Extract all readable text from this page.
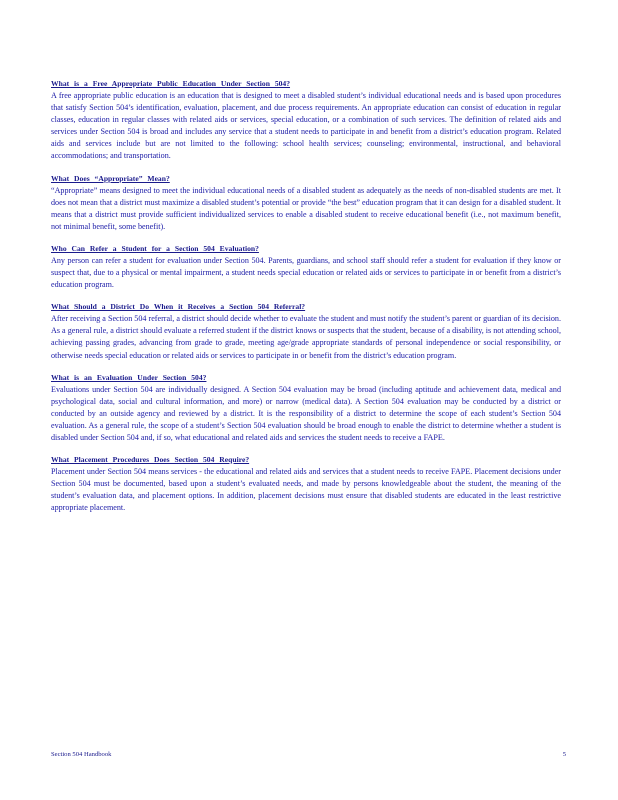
What is a Free Appropriate Public Education Under Section 504?

A free appropriate public education is an education that is designed to meet a disabled student’s individual educational needs and is based upon procedures that satisfy Section 504’s identification, evaluation, placement, and due process requirements. An appropriate education can consist of education in regular classes, education in regular classes with related aids or services, special education, or a combination of such services. The definition of related aids and services under Section 504 is broad and includes any service that a student needs to participate in and benefit from a district’s education program. Related aids and services include but are not limited to the following: school health services; counseling; environmental, instructional, and behavioral accommodations; and transportation.

What Does “Appropriate” Mean?

“Appropriate” means designed to meet the individual educational needs of a disabled student as adequately as the needs of non-disabled students are met. It does not mean that a district must maximize a disabled student’s potential or provide “the best” education program that it can design for a disabled student. It means that a district must provide sufficient individualized services to enable a disabled student to receive educational benefit (i.e., not maximum benefit, not minimal benefit, some benefit).

Who Can Refer a Student for a Section 504 Evaluation?

Any person can refer a student for evaluation under Section 504. Parents, guardians, and school staff should refer a student for evaluation if they know or suspect that, due to a physical or mental impairment, a student needs special education or related aids or services to participate in or benefit from a district’s education program.

What Should a District Do When it Receives a Section 504 Referral?

After receiving a Section 504 referral, a district should decide whether to evaluate the student and must notify the student’s parent or guardian of its decision. As a general rule, a district should evaluate a referred student if the district knows or suspects that the student, because of a disability, is not attending school, achieving passing grades, advancing from grade to grade, meeting age/grade appropriate standards of personal independence or social responsibility, or otherwise needs special education or related aids or services to participate in or benefit from the district’s education program.

What is an Evaluation Under Section 504?

Evaluations under Section 504 are individually designed. A Section 504 evaluation may be broad (including aptitude and achievement data, medical and psychological data, social and cultural information, and more) or narrow (medical data). A Section 504 evaluation may be conducted by a district or conducted by an outside agency and reviewed by a district. It is the responsibility of a district to determine the scope of each student’s Section 504 evaluation. As a general rule, the scope of a student’s Section 504 evaluation should be broad enough to enable the district to determine whether a student is disabled under Section 504 and, if so, what educational and related aids and services the student needs to receive a FAPE.

What Placement Procedures Does Section 504 Require?

Placement under Section 504 means services - the educational and related aids and services that a student needs to receive FAPE. Placement decisions under Section 504 must be documented, based upon a student’s evaluated needs, and made by persons knowledgeable about the student, the meaning of the student’s evaluation data, and placement options. In addition, placement decisions must ensure that disabled students are educated in the least restrictive appropriate placement.

Section 504 Handbook	5
